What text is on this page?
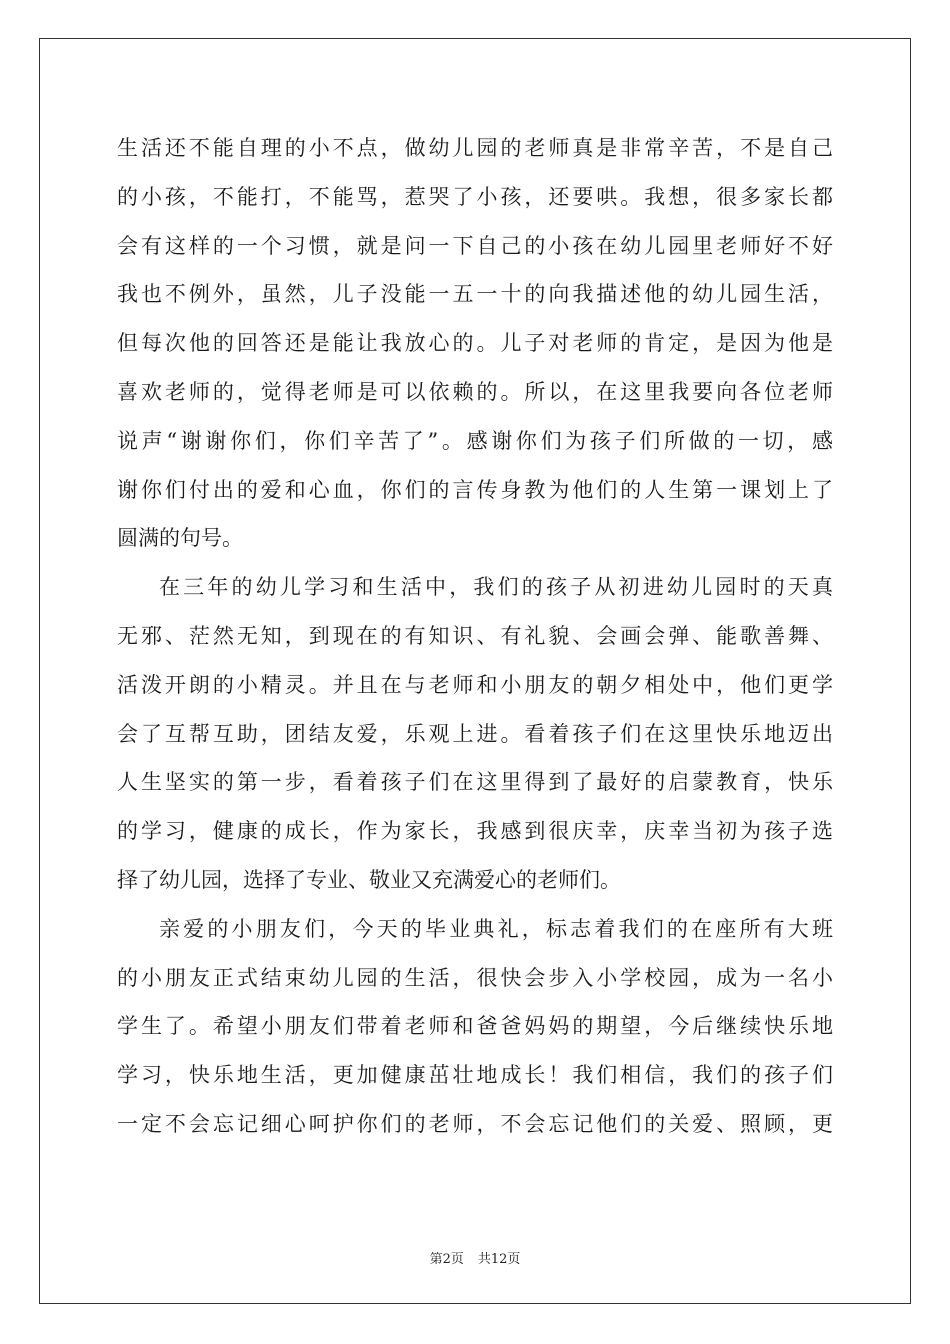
生活还不能自理的小不点，做幼儿园的老师真是非常辛苦，不是自己
的小孩，不能打，不能骂，惹哭了小孩，还要哄。我想，很多家长都
会有这样的一个习惯，就是问一下自己的小孩在幼儿园里老师好不好
我也不例外，虽然，儿子没能一五一十的向我描述他的幼儿园生活，
但每次他的回答还是能让我放心的。儿子对老师的肯定，是因为他是
喜欢老师的，觉得老师是可以依赖的。所以，在这里我要向各位老师
说声“谢谢你们，你们辛苦了”。感谢你们为孩子们所做的一切，感
谢你们付出的爱和心血，你们的言传身教为他们的人生第一课划上了
圆满的句号。
在三年的幼儿学习和生活中，我们的孩子从初进幼儿园时的天真
无邪、茫然无知，到现在的有知识、有礼貌、会画会弹、能歌善舞、
活泼开朗的小精灵。并且在与老师和小朋友的朝夕相处中，他们更学
会了互帮互助，团结友爱，乐观上进。看着孩子们在这里快乐地迈出
人生坚实的第一步，看着孩子们在这里得到了最好的启蒙教育，快乐
的学习，健康的成长，作为家长，我感到很庆幸，庆幸当初为孩子选
择了幼儿园，选择了专业、敬业又充满爱心的老师们。
亲爱的小朋友们，今天的毕业典礼，标志着我们的在座所有大班
的小朋友正式结束幼儿园的生活，很快会步入小学校园，成为一名小
学生了。希望小朋友们带着老师和爸爸妈妈的期望，今后继续快乐地
学习，快乐地生活，更加健康茁壮地成长！我们相信，我们的孩子们
一定不会忘记细心呵护你们的老师，不会忘记他们的关爱、照顾，更
第2页 共12页
